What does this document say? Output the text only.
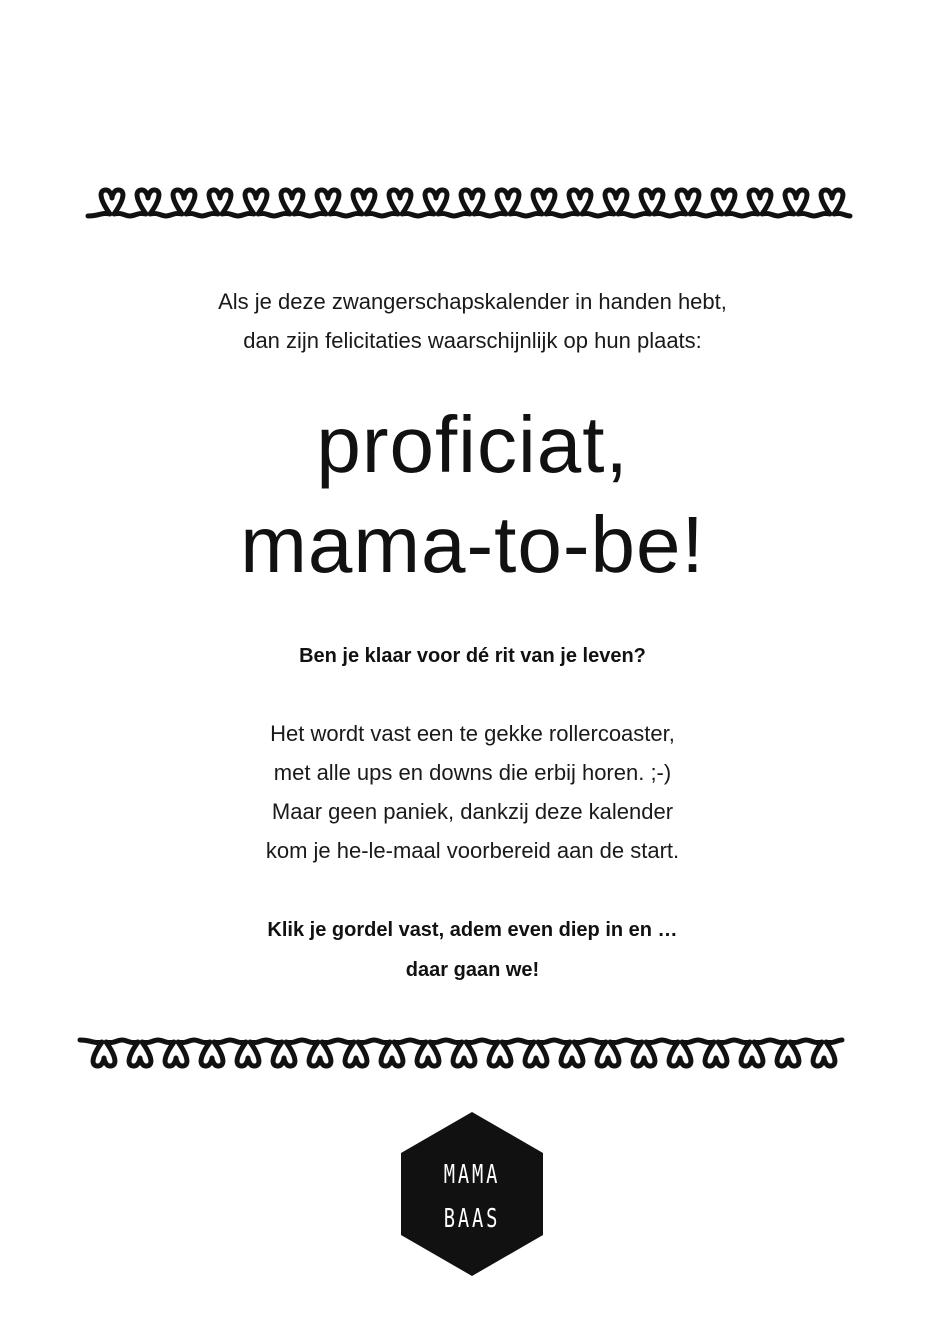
Als je deze zwangerschapskalender in handen hebt,
dan zijn felicitaties waarschijnlijk op hun plaats:
proficiat,
mama-to-be!
Ben je klaar voor dé rit van je leven?
Het wordt vast een te gekke rollercoaster,
met alle ups en downs die erbij horen. ;-)
Maar geen paniek, dankzij deze kalender
kom je he-le-maal voorbereid aan de start.
Klik je gordel vast, adem even diep in en …
daar gaan we!
MAMA
BAAS
